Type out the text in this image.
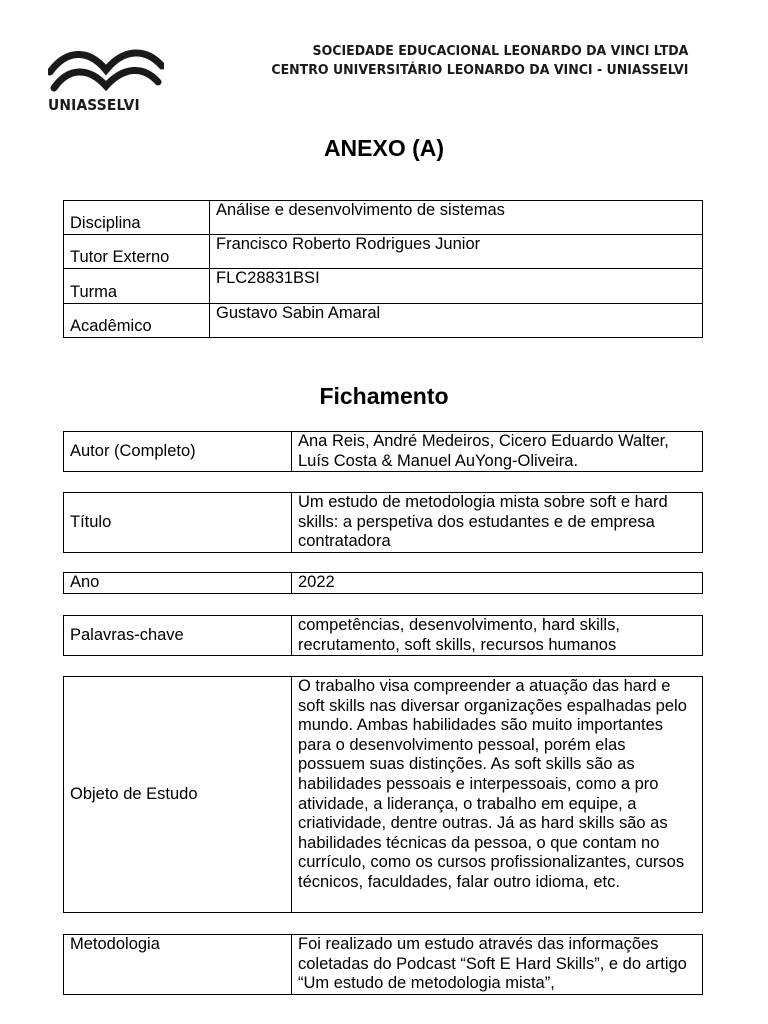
UNIASSELVI
SOCIEDADE EDUCACIONAL LEONARDO DA VINCI LTDA
CENTRO UNIVERSITÁRIO LEONARDO DA VINCI - UNIASSELVI
ANEXO (A)
Disciplina	Análise e desenvolvimento de sistemas
Tutor Externo	Francisco Roberto Rodrigues Junior
Turma	FLC28831BSI
Acadêmico	Gustavo Sabin Amaral
Fichamento
Autor (Completo)	Ana Reis, André Medeiros, Cicero Eduardo Walter, Luís Costa & Manuel AuYong-Oliveira.
Título	Um estudo de metodologia mista sobre soft e hard skills: a perspetiva dos estudantes e de empresa contratadora
Ano	2022
Palavras-chave	competências, desenvolvimento, hard skills, recrutamento, soft skills, recursos humanos
Objeto de Estudo	O trabalho visa compreender a atuação das hard e soft skills nas diversar organizações espalhadas pelo mundo. Ambas habilidades são muito importantes para o desenvolvimento pessoal, porém elas possuem suas distinções. As soft skills são as habilidades pessoais e interpessoais, como a pro atividade, a liderança, o trabalho em equipe, a criatividade, dentre outras. Já as hard skills são as habilidades técnicas da pessoa, o que contam no currículo, como os cursos profissionalizantes, cursos técnicos, faculdades, falar outro idioma, etc.
Metodologia	Foi realizado um estudo através das informações coletadas do Podcast “Soft E Hard Skills”, e do artigo “Um estudo de metodologia mista”,
